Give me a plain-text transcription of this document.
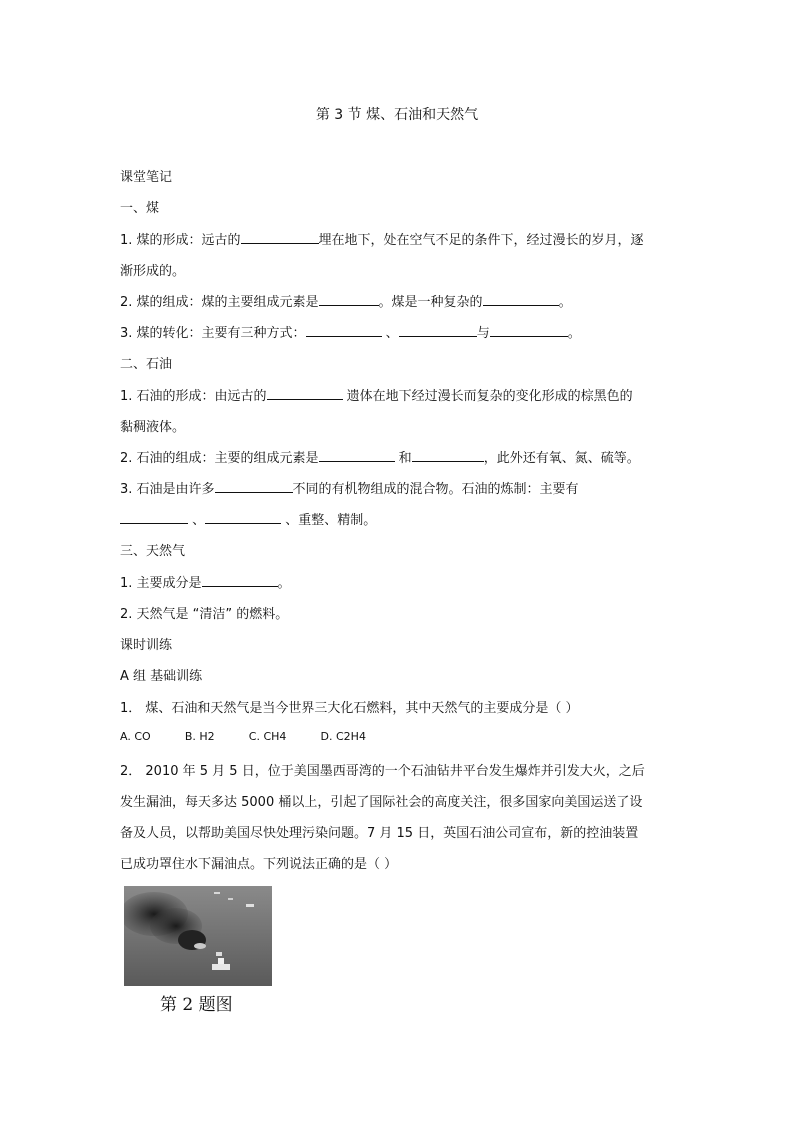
第 3 节 煤、石油和天然气
课堂笔记
一、煤
1. 煤的形成：远古的	埋在地下，处在空气不足的条件下，经过漫长的岁月，逐
渐形成的。
2. 煤的组成：煤的主要组成元素是	。煤是一种复杂的	。
3. 煤的转化：主要有三种方式：	、	与	。
二、石油
1. 石油的形成：由远古的	遗体在地下经过漫长而复杂的变化形成的棕黑色的
黏稠液体。
2. 石油的组成：主要的组成元素是	和	，此外还有氧、氮、硫等。
3. 石油是由许多	不同的有机物组成的混合物。石油的炼制：主要有
、	、重整、精制。
三、天然气
1. 主要成分是	。
2. 天然气是 “清洁” 的燃料。
课时训练
A 组 基础训练
1． 煤、石油和天然气是当今世界三大化石燃料，其中天然气的主要成分是（ ）
A. CO	B. H2	C. CH4	D. C2H4
2． 2010 年 5 月 5 日，位于美国墨西哥湾的一个石油钻井平台发生爆炸并引发大火，之后
发生漏油，每天多达 5000 桶以上，引起了国际社会的高度关注，很多国家向美国运送了设
备及人员，以帮助美国尽快处理污染问题。7 月 15 日，英国石油公司宣布，新的控油装置
已成功罩住水下漏油点。下列说法正确的是（ ）
第 2 题图
